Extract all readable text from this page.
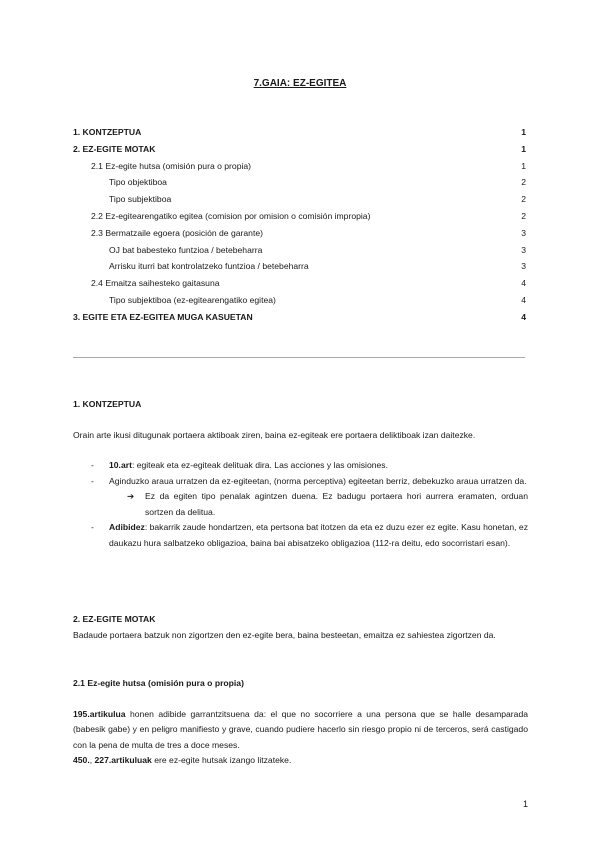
7.GAIA: EZ-EGITEA
1. KONTZEPTUA	1
2. EZ-EGITE MOTAK	1
2.1 Ez-egite hutsa (omisión pura o propia)	1
Tipo objektiboa	2
Tipo subjektiboa	2
2.2 Ez-egitearengatiko egitea (comision por omision o comisión impropia)	2
2.3 Bermatzaile egoera (posición de garante)	3
OJ bat babesteko funtzioa / betebeharra	3
Arrisku iturri bat kontrolatzeko funtzioa / betebeharra	3
2.4 Emaitza saihesteko gaitasuna	4
Tipo subjektiboa (ez-egitearengatiko egitea)	4
3. EGITE ETA EZ-EGITEA MUGA KASUETAN	4
1. KONTZEPTUA
Orain arte ikusi ditugunak portaera aktiboak ziren, baina ez-egiteak ere portaera deliktiboak izan daitezke.
- 10.art: egiteak eta ez-egiteak delituak dira. Las acciones y las omisiones.
- Aginduzko araua urratzen da ez-egiteetan, (norma perceptiva) egiteetan berriz, debekuzko araua urratzen da.
➔ Ez da egiten tipo penalak agintzen duena. Ez badugu portaera hori aurrera eramaten, orduan sortzen da delitua.
- Adibidez: bakarrik zaude hondartzen, eta pertsona bat itotzen da eta ez duzu ezer ez egite. Kasu honetan, ez daukazu hura salbatzeko obligazioa, baina bai abisatzeko obligazioa (112-ra deitu, edo socorristari esan).
2. EZ-EGITE MOTAK
Badaude portaera batzuk non zigortzen den ez-egite bera, baina besteetan, emaitza ez sahiestea zigortzen da.
2.1 Ez-egite hutsa (omisión pura o propia)
195.artikulua honen adibide garrantzitsuena da: el que no socorriere a una persona que se halle desamparada (babesik gabe) y en peligro manifiesto y grave, cuando pudiere hacerlo sin riesgo propio ni de terceros, será castigado con la pena de multa de tres a doce meses.
450., 227.artikuluak ere ez-egite hutsak izango litzateke.
1
